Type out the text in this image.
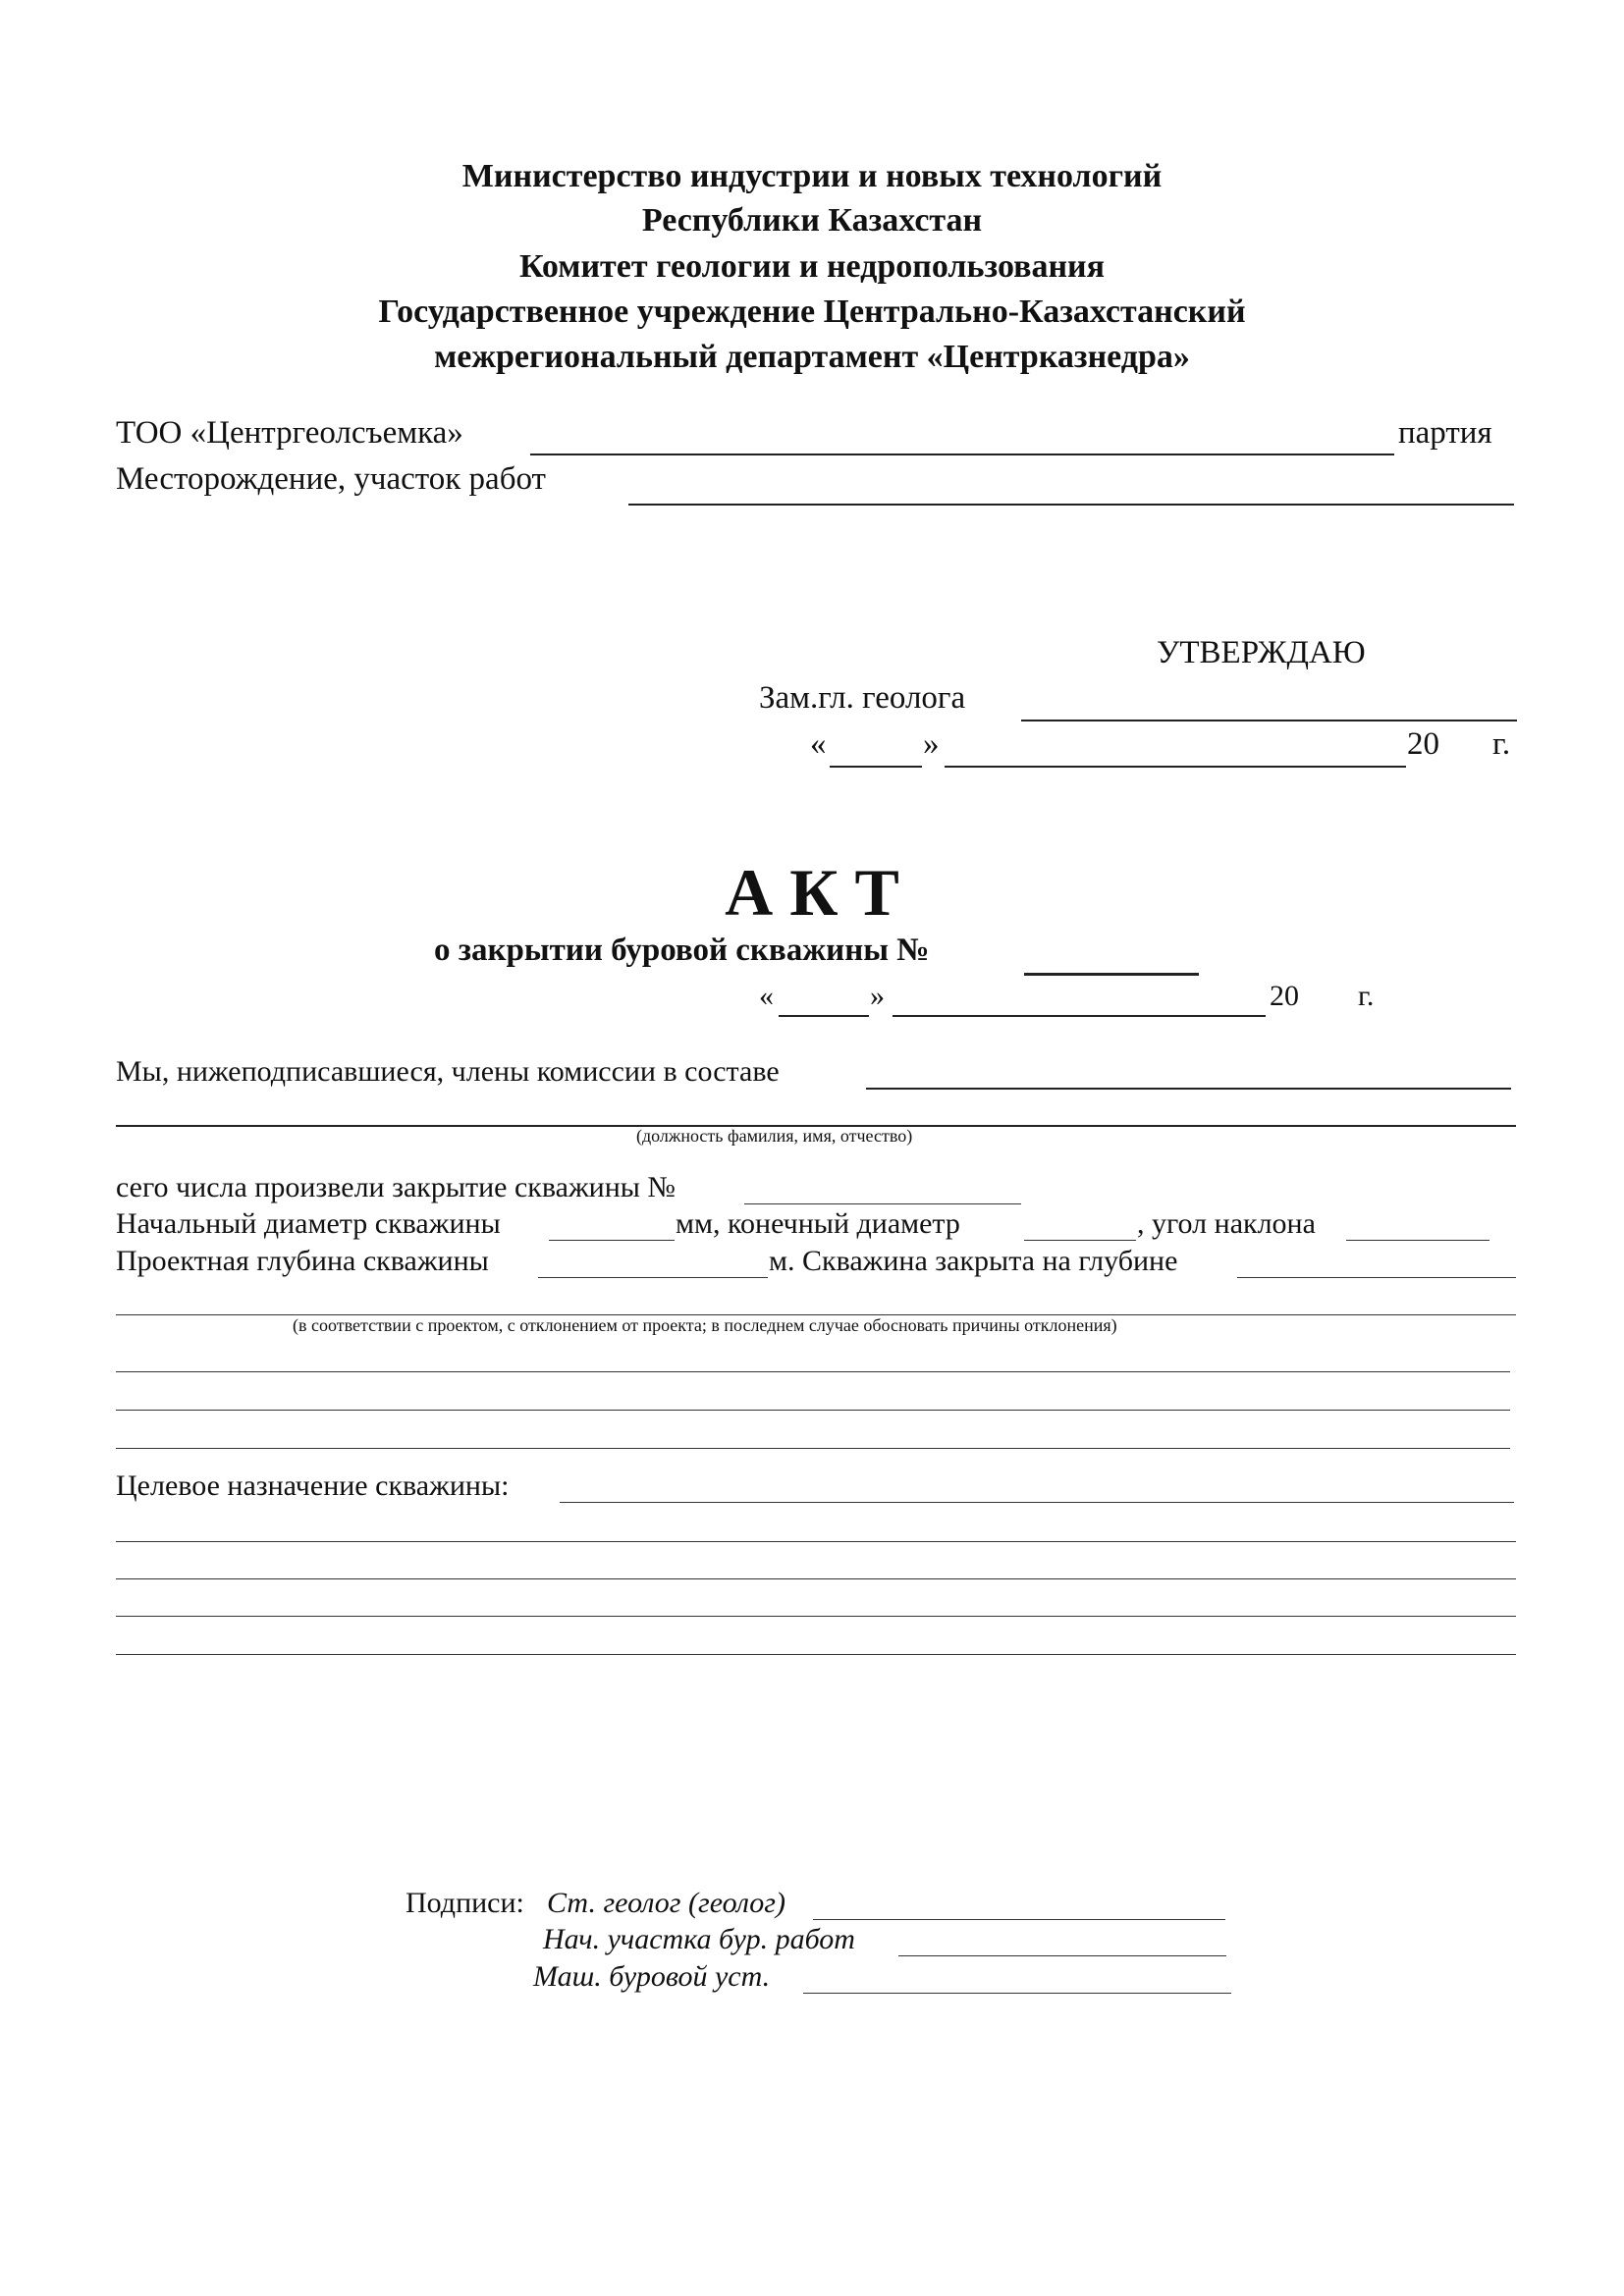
Министерство индустрии и новых технологий
Республики Казахстан
Комитет геологии и недропользования
Государственное учреждение Центрально-Казахстанский
межрегиональный департамент «Центрказнедра»
ТОО «Центргеолсъемка»	партия
Месторождение, участок работ
УТВЕРЖДАЮ
Зам.гл. геолога
«	»	20 г.
А К Т
о закрытии буровой скважины №
«	»	20 г.
Мы, нижеподписавшиеся, члены комиссии в составе
(должность фамилия, имя, отчество)
сего числа произвели закрытие скважины №
Начальный диаметр скважины	мм, конечный диаметр	, угол наклона
Проектная глубина скважины	м. Скважина закрыта на глубине
(в соответствии с проектом, с отклонением от проекта; в последнем случае обосновать причины отклонения)
Целевое назначение скважины:
Подписи: Ст. геолог (геолог)
Нач. участка бур. работ
Маш. буровой уст.
